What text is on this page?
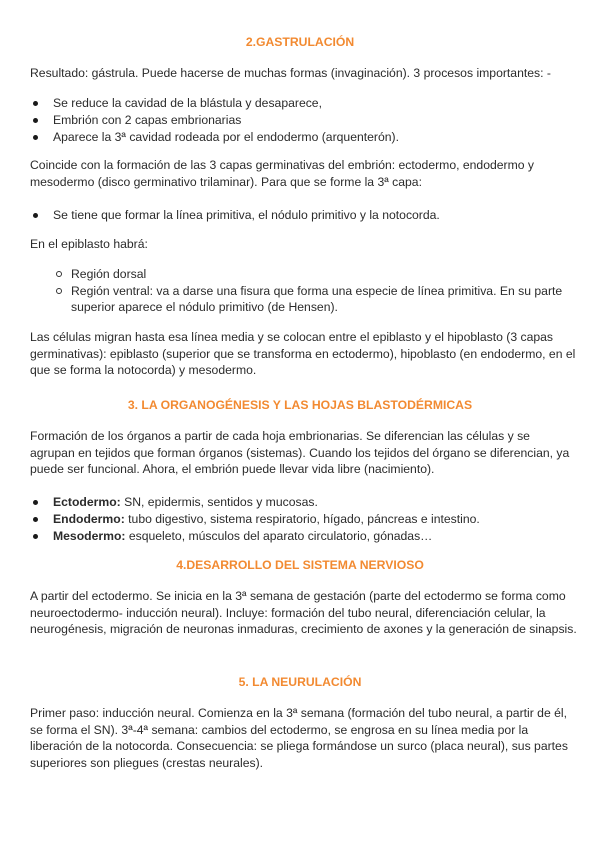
2.GASTRULACIÓN
Resultado: gástrula. Puede hacerse de muchas formas (invaginación). 3 procesos importantes: -
Se reduce la cavidad de la blástula y desaparece,
Embrión con 2 capas embrionarias
Aparece la 3ª cavidad rodeada por el endodermo (arquenterón).
Coincide con la formación de las 3 capas germinativas del embrión: ectodermo, endodermo y mesodermo (disco germinativo trilaminar). Para que se forme la 3ª capa:
Se tiene que formar la línea primitiva, el nódulo primitivo y la notocorda.
En el epiblasto habrá:
Región dorsal
Región ventral: va a darse una fisura que forma una especie de línea primitiva. En su parte superior aparece el nódulo primitivo (de Hensen).
Las células migran hasta esa línea media y se colocan entre el epiblasto y el hipoblasto (3 capas germinativas): epiblasto (superior que se transforma en ectodermo), hipoblasto (en endodermo, en el que se forma la notocorda) y mesodermo.
3. LA ORGANOGÉNESIS Y LAS HOJAS BLASTODÉRMICAS
Formación de los órganos a partir de cada hoja embrionarias. Se diferencian las células y se agrupan en tejidos que forman órganos (sistemas). Cuando los tejidos del órgano se diferencian, ya puede ser funcional. Ahora, el embrión puede llevar vida libre (nacimiento).
Ectodermo: SN, epidermis, sentidos y mucosas.
Endodermo: tubo digestivo, sistema respiratorio, hígado, páncreas e intestino.
Mesodermo: esqueleto, músculos del aparato circulatorio, gónadas…
4.DESARROLLO DEL SISTEMA NERVIOSO
A partir del ectodermo. Se inicia en la 3ª semana de gestación (parte del ectodermo se forma como neuroectodermo- inducción neural). Incluye: formación del tubo neural, diferenciación celular, la neurogénesis, migración de neuronas inmaduras, crecimiento de axones y la generación de sinapsis.
5. LA NEURULACIÓN
Primer paso: inducción neural. Comienza en la 3ª semana (formación del tubo neural, a partir de él, se forma el SN). 3ª-4ª semana: cambios del ectodermo, se engrosa en su línea media por la liberación de la notocorda. Consecuencia: se pliega formándose un surco (placa neural), sus partes superiores son pliegues (crestas neurales).
